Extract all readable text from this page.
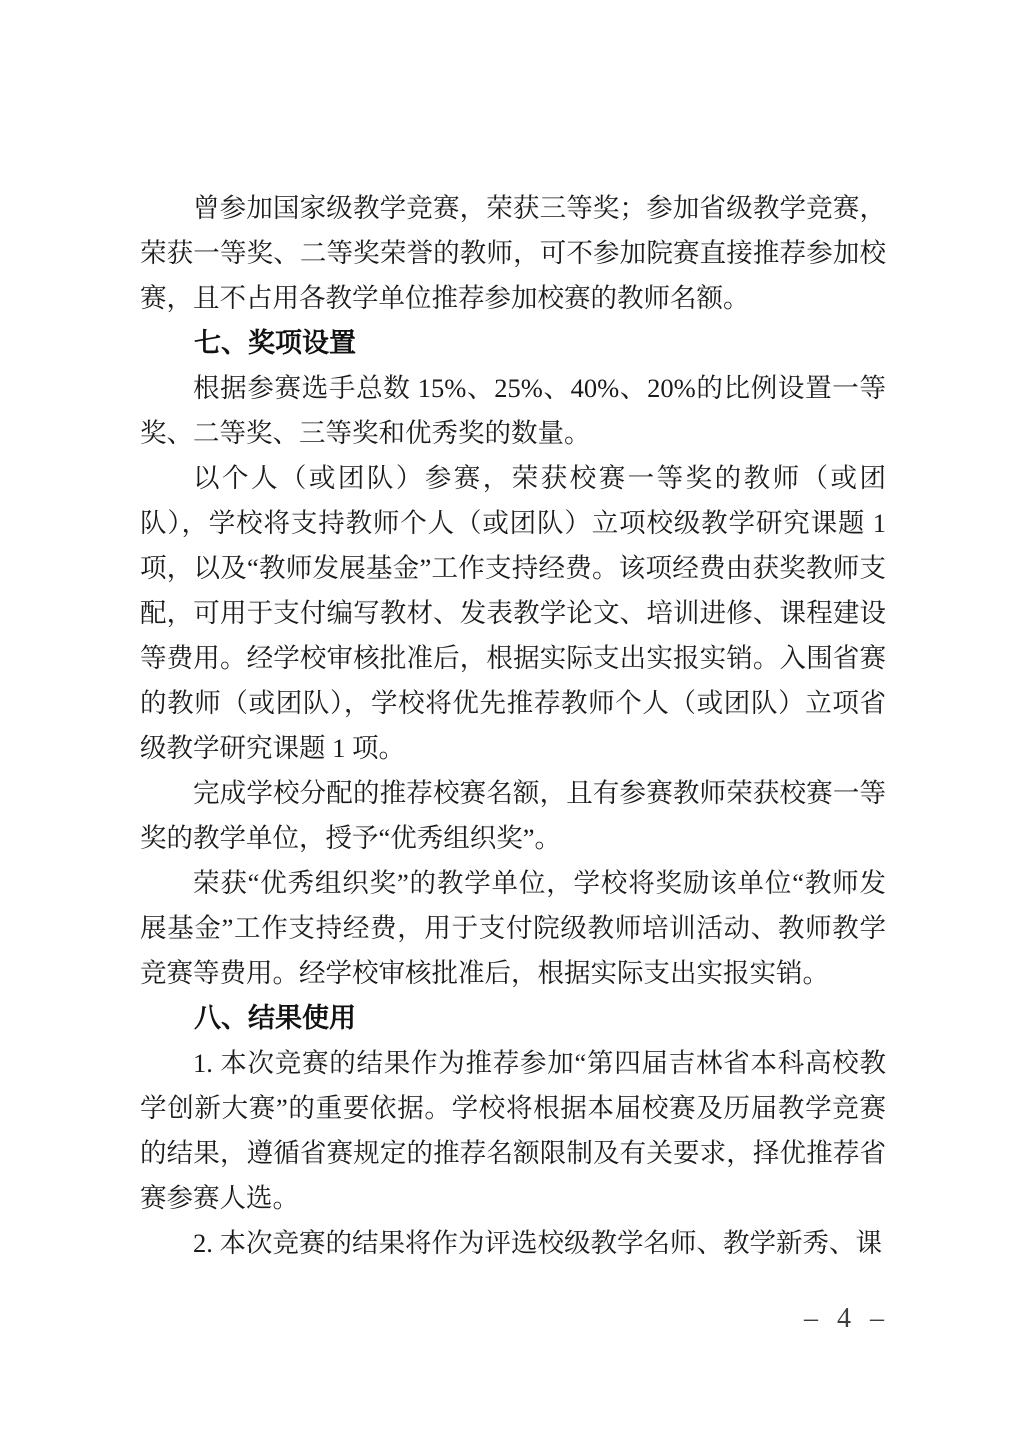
曾参加国家级教学竞赛，荣获三等奖；参加省级教学竞赛，荣获一等奖、二等奖荣誉的教师，可不参加院赛直接推荐参加校赛，且不占用各教学单位推荐参加校赛的教师名额。

七、奖项设置

根据参赛选手总数 15%、25%、40%、20%的比例设置一等奖、二等奖、三等奖和优秀奖的数量。

以个人（或团队）参赛，荣获校赛一等奖的教师（或团队），学校将支持教师个人（或团队）立项校级教学研究课题 1 项，以及“教师发展基金”工作支持经费。该项经费由获奖教师支配，可用于支付编写教材、发表教学论文、培训进修、课程建设等费用。经学校审核批准后，根据实际支出实报实销。入围省赛的教师（或团队），学校将优先推荐教师个人（或团队）立项省级教学研究课题 1 项。

完成学校分配的推荐校赛名额，且有参赛教师荣获校赛一等奖的教学单位，授予“优秀组织奖”。

荣获“优秀组织奖”的教学单位，学校将奖励该单位“教师发展基金”工作支持经费，用于支付院级教师培训活动、教师教学竞赛等费用。经学校审核批准后，根据实际支出实报实销。

八、结果使用

1. 本次竞赛的结果作为推荐参加“第四届吉林省本科高校教学创新大赛”的重要依据。学校将根据本届校赛及历届教学竞赛的结果，遵循省赛规定的推荐名额限制及有关要求，择优推荐省赛参赛人选。

2. 本次竞赛的结果将作为评选校级教学名师、教学新秀、课

– 4 –
